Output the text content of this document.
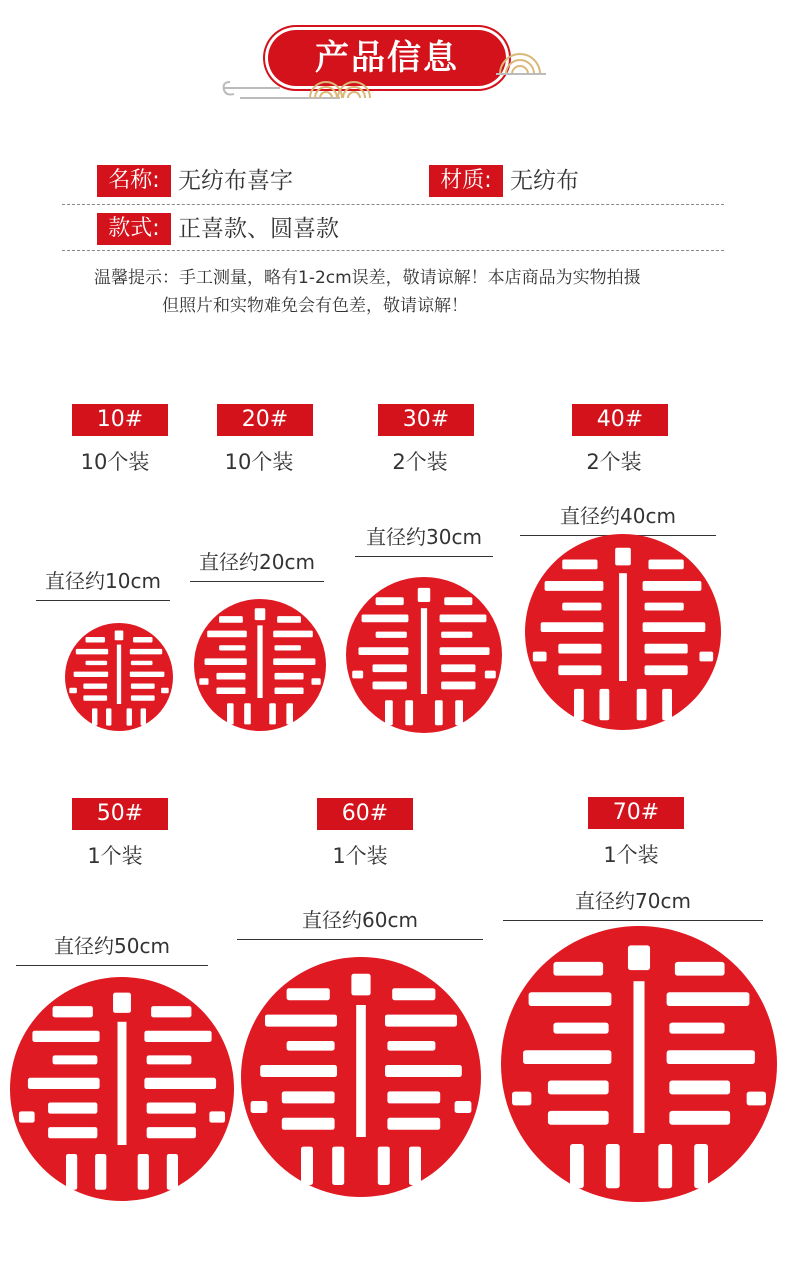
产品信息
名称: 无纺布喜字	材质: 无纺布
款式: 正喜款、圆喜款
温馨提示：手工测量，略有1-2cm误差，敬请谅解！本店商品为实物拍摄
但照片和实物难免会有色差，敬请谅解！
10#	20#	30#	40#
10个装	10个装	2个装	2个装
直径约10cm
直径约20cm
直径约30cm
直径约40cm
50#	60#	70#
1个装	1个装	1个装
直径约50cm
直径约60cm
直径约70cm
